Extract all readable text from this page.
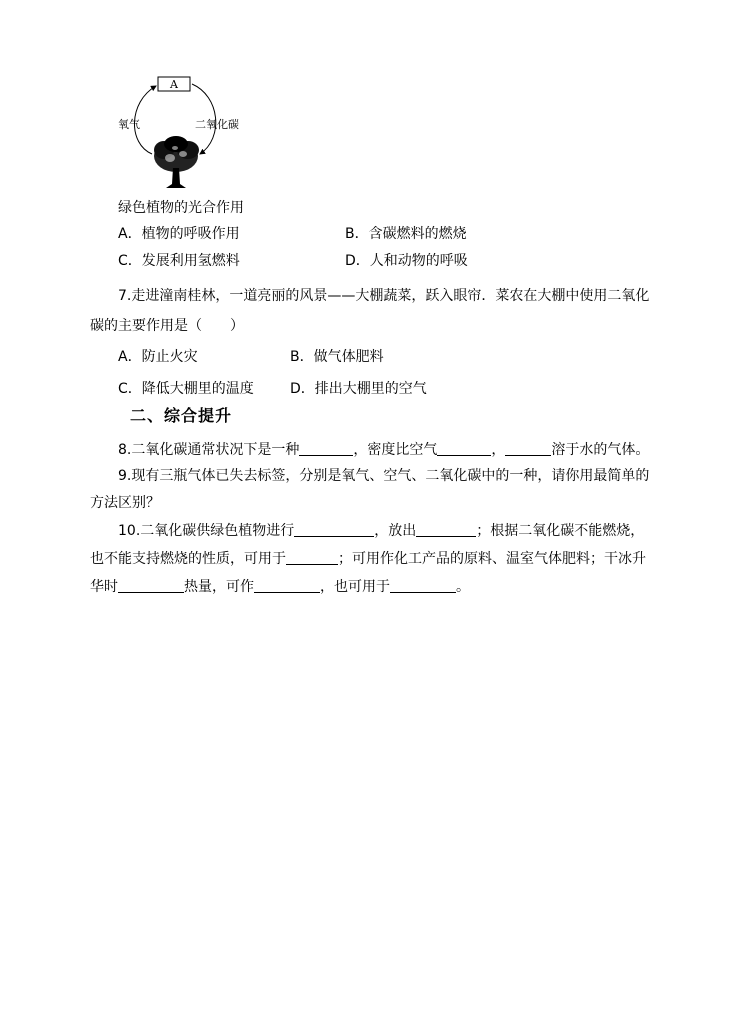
A
氧气	二氧化碳
绿色植物的光合作用
A．植物的呼吸作用	B．含碳燃料的燃烧
C．发展利用氢燃料	D．人和动物的呼吸
7.走进潼南桂林，一道亮丽的风景——大棚蔬菜，跃入眼帘．菜农在大棚中使用二氧化
碳的主要作用是（　　）
A．防止火灾	B．做气体肥料
C．降低大棚里的温度	D．排出大棚里的空气
二、综合提升
8.二氧化碳通常状况下是一种	，密度比空气	，	溶于水的气体。
9.现有三瓶气体已失去标签，分别是氧气、空气、二氧化碳中的一种，请你用最简单的
方法区别？
10.二氧化碳供绿色植物进行	，放出	；根据二氧化碳不能燃烧，
也不能支持燃烧的性质，可用于	；可用作化工产品的原料、温室气体肥料；干冰升
华时	热量，可作	，也可用于	。
